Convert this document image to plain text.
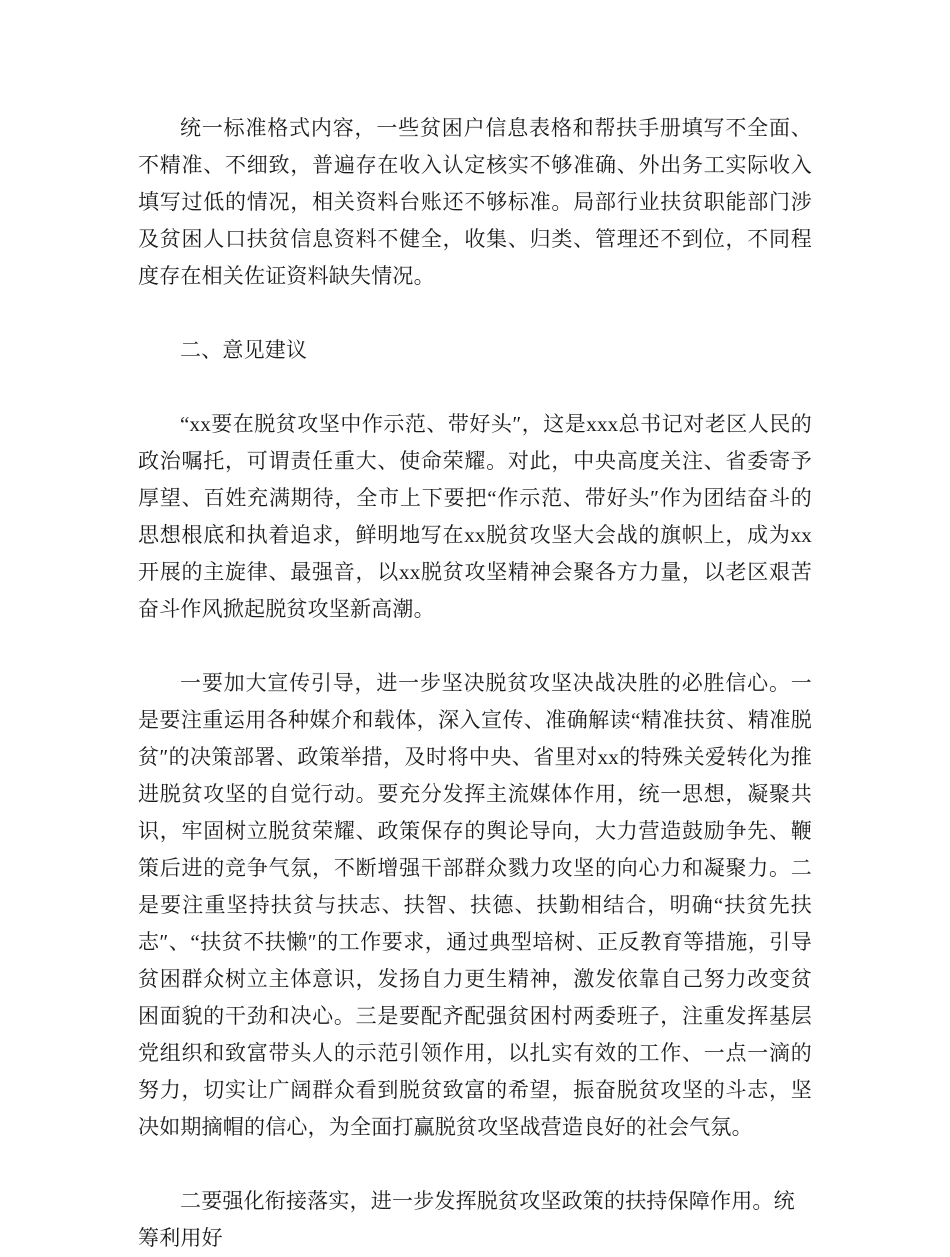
统一标准格式内容，一些贫困户信息表格和帮扶手册填写不全面、不精准、不细致，普遍存在收入认定核实不够准确、外出务工实际收入填写过低的情况，相关资料台账还不够标准。局部行业扶贫职能部门涉及贫困人口扶贫信息资料不健全，收集、归类、管理还不到位，不同程度存在相关佐证资料缺失情况。

二、意见建议

“xx要在脱贫攻坚中作示范、带好头″，这是xxx总书记对老区人民的政治嘱托，可谓责任重大、使命荣耀。对此，中央高度关注、省委寄予厚望、百姓充满期待，全市上下要把“作示范、带好头″作为团结奋斗的思想根底和执着追求，鲜明地写在xx脱贫攻坚大会战的旗帜上，成为xx开展的主旋律、最强音，以xx脱贫攻坚精神会聚各方力量，以老区艰苦奋斗作风掀起脱贫攻坚新高潮。

一要加大宣传引导，进一步坚决脱贫攻坚决战决胜的必胜信心。一是要注重运用各种媒介和载体，深入宣传、准确解读“精准扶贫、精准脱贫″的决策部署、政策举措，及时将中央、省里对xx的特殊关爱转化为推进脱贫攻坚的自觉行动。要充分发挥主流媒体作用，统一思想，凝聚共识，牢固树立脱贫荣耀、政策保存的舆论导向，大力营造鼓励争先、鞭策后进的竞争气氛，不断增强干部群众戮力攻坚的向心力和凝聚力。二是要注重坚持扶贫与扶志、扶智、扶德、扶勤相结合，明确“扶贫先扶志″、“扶贫不扶懒″的工作要求，通过典型培树、正反教育等措施，引导贫困群众树立主体意识，发扬自力更生精神，激发依靠自己努力改变贫困面貌的干劲和决心。三是要配齐配强贫困村两委班子，注重发挥基层党组织和致富带头人的示范引领作用，以扎实有效的工作、一点一滴的努力，切实让广阔群众看到脱贫致富的希望，振奋脱贫攻坚的斗志，坚决如期摘帽的信心，为全面打赢脱贫攻坚战营造良好的社会气氛。

二要强化衔接落实，进一步发挥脱贫攻坚政策的扶持保障作用。统筹利用好
